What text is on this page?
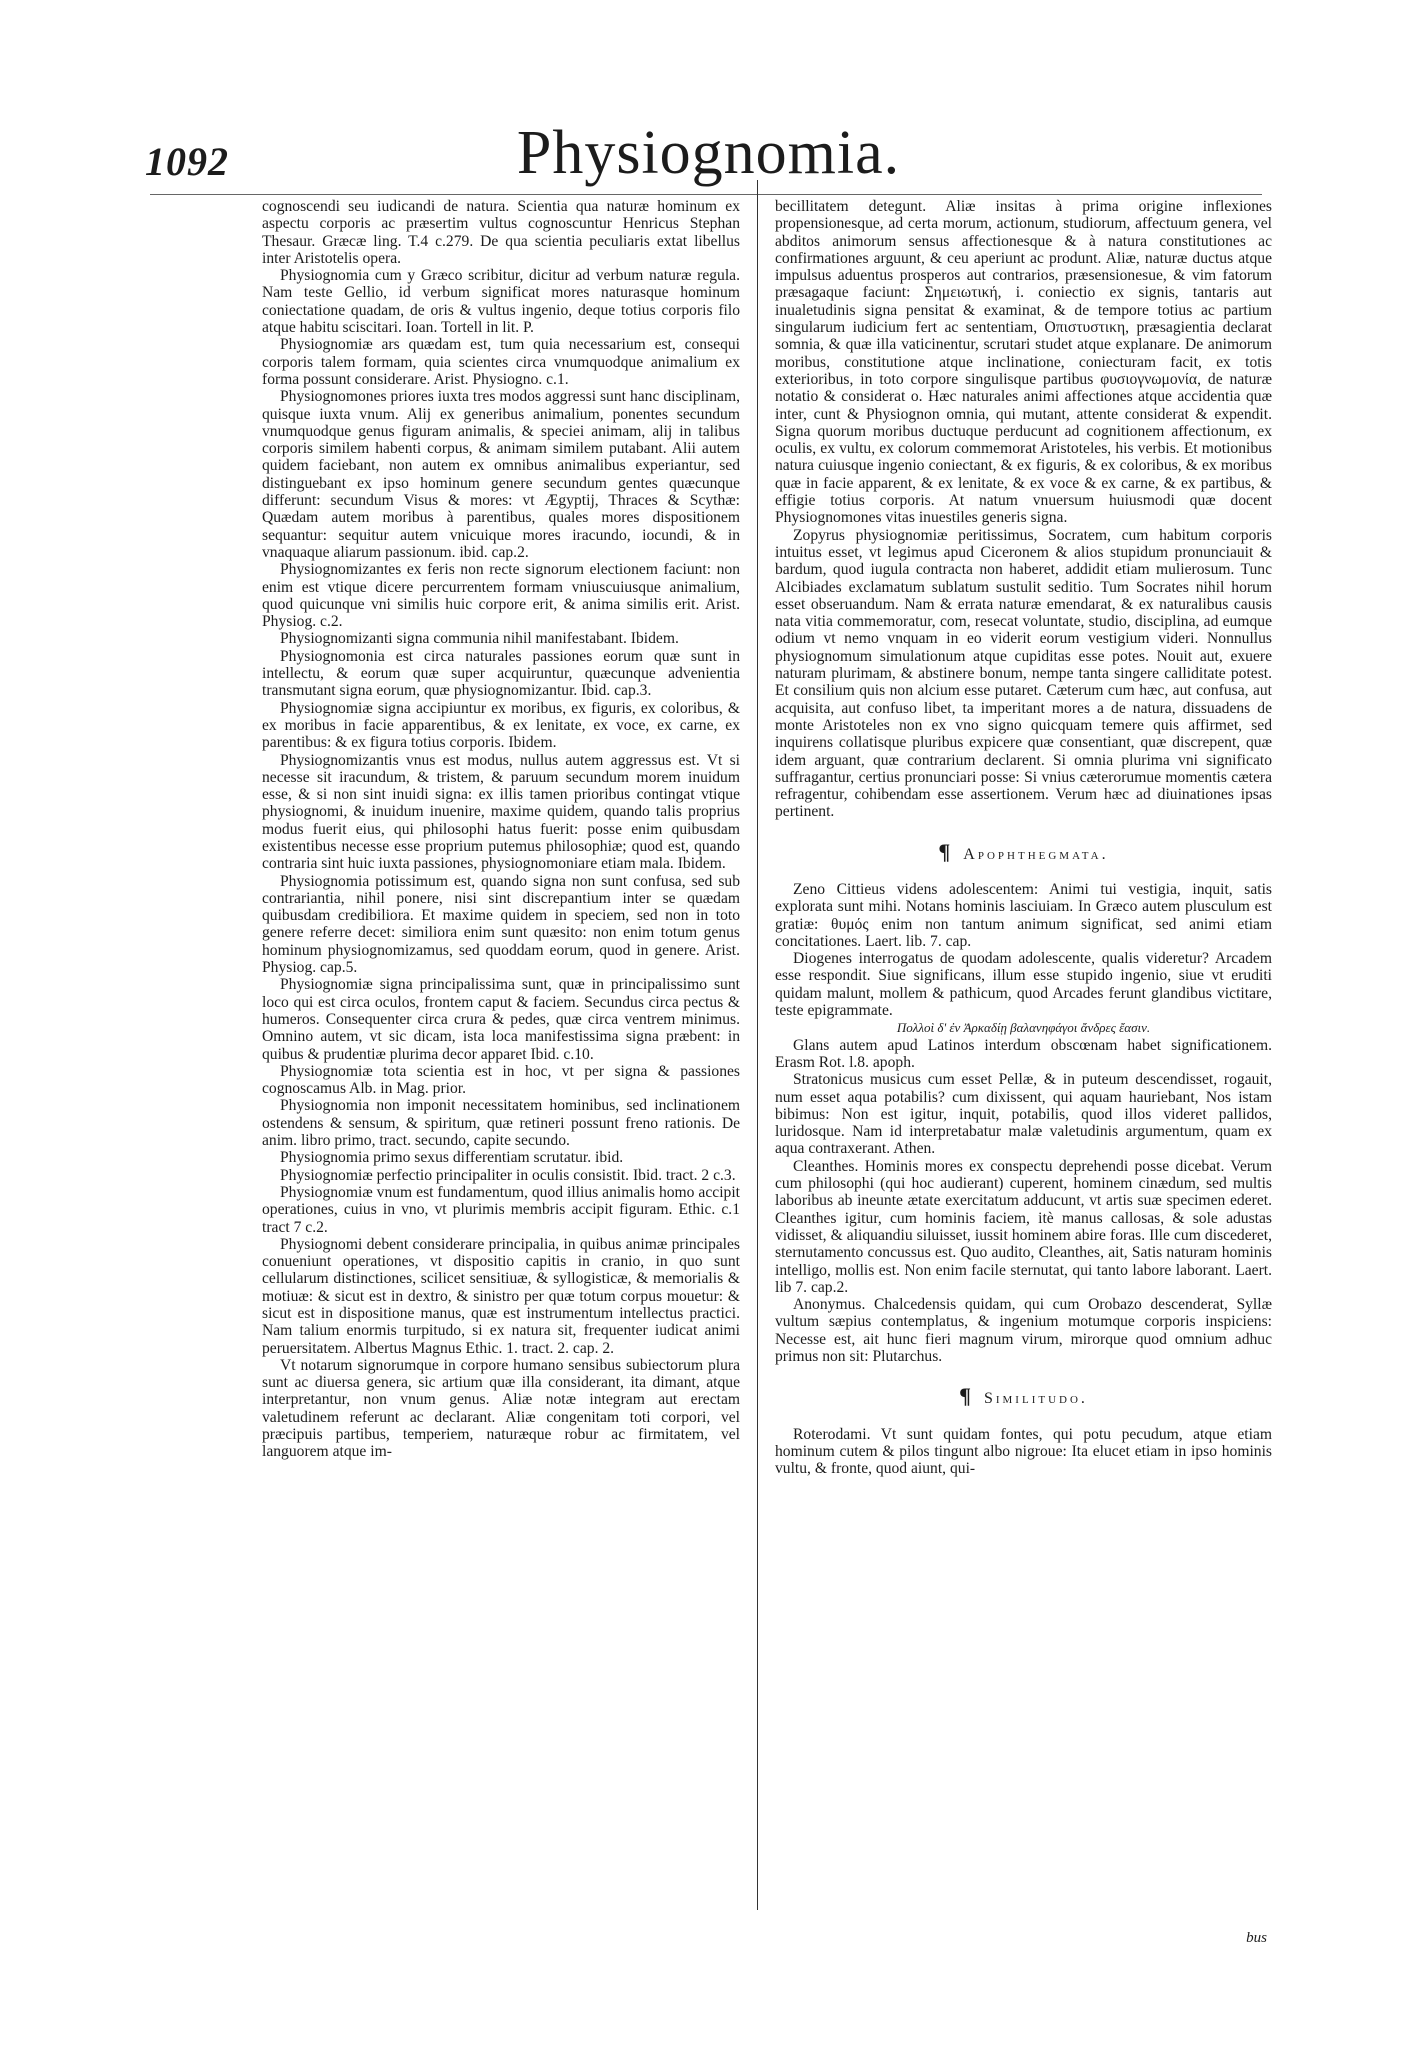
1092	Physiognomia.

cognoscendi seu iudicandi de natura. Scientia qua naturæ hominum ex aspectu corporis ac præsertim vultus cognoscuntur Henricus Stephan Thesaur. Græcæ ling. T.4 c.279. De qua scientia peculiaris extat libellus inter Aristotelis opera.

Physiognomia cum y Græco scribitur, dicitur ad verbum naturæ regula. Nam teste Gellio, id verbum significat mores naturasque hominum coniectatione quadam, de oris & vultus ingenio, deque totius corporis filo atque habitu sciscitari. Ioan. Tortell in lit. P.

Physiognomiæ ars quædam est, tum quia necessarium est, consequi corporis talem formam, quia scientes circa vnumquodque animalium ex forma possunt considerare. Arist. Physiogno. c.1.

Physiognomones priores iuxta tres modos aggressi sunt hanc disciplinam, quisque iuxta vnum. Alij ex generibus animalium, ponentes secundum vnumquodque genus figuram animalis, & speciei animam, alij in talibus corporis similem habenti corpus, & animam similem putabant. Alii autem quidem faciebant, non autem ex omnibus animalibus experiantur, sed distinguebant ex ipso hominum genere secundum gentes quæcunque differunt: secundum Visus & mores: vt Ægyptij, Thraces & Scythæ: Quædam autem moribus à parentibus, quales mores dispositionem sequantur: sequitur autem vnicuique mores iracundo, iocundi, & in vnaquaque aliarum passionum. ibid. cap.2.

Physiognomizantes ex feris non recte signorum electionem faciunt: non enim est vtique dicere percurrentem formam vniuscuiusque animalium, quod quicunque vni similis huic corpore erit, & anima similis erit. Arist. Physiog. c.2.

Physiognomizanti signa communia nihil manifestabant. Ibidem.

Physiognomonia est circa naturales passiones eorum quæ sunt in intellectu, & eorum quæ super acquiruntur, quæcunque advenientia transmutant signa eorum, quæ physiognomizantur. Ibid. cap.3.

Physiognomiæ signa accipiuntur ex moribus, ex figuris, ex coloribus, & ex moribus in facie apparentibus, & ex lenitate, ex voce, ex carne, ex parentibus: & ex figura totius corporis. Ibidem.

Physiognomizantis vnus est modus, nullus autem aggressus est. Vt si necesse sit iracundum, & tristem, & paruum secundum morem inuidum esse, & si non sint inuidi signa: ex illis tamen prioribus contingat vtique physiognomi, & inuidum inuenire, maxime quidem, quando talis proprius modus fuerit eius, qui philosophi hatus fuerit: posse enim quibusdam existentibus necesse esse proprium putemus philosophiæ; quod est, quando contraria sint huic iuxta passiones, physiognomoniare etiam mala. Ibidem.

Physiognomia potissimum est, quando signa non sunt confusa, sed sub contrariantia, nihil ponere, nisi sint discrepantium inter se quædam quibusdam credibiliora. Et maxime quidem in speciem, sed non in toto genere referre decet: similiora enim sunt quæsito: non enim totum genus hominum physiognomizamus, sed quoddam eorum, quod in genere. Arist. Physiog. cap.5.

Physiognomiæ signa principalissima sunt, quæ in principalissimo sunt loco qui est circa oculos, frontem caput & faciem. Secundus circa pectus & humeros. Consequenter circa crura & pedes, quæ circa ventrem minimus. Omnino autem, vt sic dicam, ista loca manifestissima signa præbent: in quibus & prudentiæ plurima decor apparet Ibid. c.10.

Physiognomiæ tota scientia est in hoc, vt per signa & passiones cognoscamus Alb. in Mag. prior.

Physiognomia non imponit necessitatem hominibus, sed inclinationem ostendens & sensum, & spiritum, quæ retineri possunt freno rationis. De anim. libro primo, tract. secundo, capite secundo.

Physiognomia primo sexus differentiam scrutatur. ibid.

Physiognomiæ perfectio principaliter in oculis consistit. Ibid. tract. 2 c.3.

Physiognomiæ vnum est fundamentum, quod illius animalis homo accipit operationes, cuius in vno, vt plurimis membris accipit figuram. Ethic. c.1 tract 7 c.2.

Physiognomi debent considerare principalia, in quibus animæ principales conueniunt operationes, vt dispositio capitis in cranio, in quo sunt cellularum distinctiones, scilicet sensitiuæ, & syllogisticæ, & memorialis & motiuæ: & sicut est in dextro, & sinistro per quæ totum corpus mouetur: & sicut est in dispositione manus, quæ est instrumentum intellectus practici. Nam talium enormis turpitudo, si ex natura sit, frequenter iudicat animi peruersitatem. Albertus Magnus Ethic. 1. tract. 2. cap. 2.

Vt notarum signorumque in corpore humano sensibus subiectorum plura sunt ac diuersa genera, sic artium quæ illa considerant, ita dimant, atque interpretantur, non vnum genus. Aliæ notæ integram aut erectam valetudinem referunt ac declarant. Aliæ congenitam toti corpori, vel præcipuis partibus, temperiem, naturæque robur ac firmitatem, vel languorem atque im-

becillitatem detegunt. Aliæ insitas à prima origine inflexiones propensionesque, ad certa morum, actionum, studiorum, affectuum genera, vel abditos animorum sensus affectionesque & à natura constitutiones ac confirmationes arguunt, & ceu aperiunt ac produnt. Aliæ, naturæ ductus atque impulsus aduentus prosperos aut contrarios, præsensionesue, & vim fatorum præsagaque faciunt: Σημειωτική, i. coniectio ex signis, tantaris aut inualetudinis signa pensitat & examinat, & de tempore totius ac partium singularum iudicium fert ac sententiam, Οπιστυστικη, præsagientia declarat somnia, & quæ illa vaticinentur, scrutari studet atque explanare. De animorum moribus, constitutione atque inclinatione, coniecturam facit, ex totis exterioribus, in toto corpore singulisque partibus φυσιογνωμονία, de naturæ notatio & considerat o. Hæc naturales animi affectiones atque accidentia quæ inter, cunt & Physiognon omnia, qui mutant, attente considerat & expendit. Signa quorum moribus ductuque perducunt ad cognitionem affectionum, ex oculis, ex vultu, ex colorum commemorat Aristoteles, his verbis. Et motionibus natura cuiusque ingenio coniectant, & ex figuris, & ex coloribus, & ex moribus quæ in facie apparent, & ex lenitate, & ex voce & ex carne, & ex partibus, & effigie totius corporis. At natum vnuersum huiusmodi quæ docent Physiognomones vitas inuestiles generis signa.

Zopyrus physiognomiæ peritissimus, Socratem, cum habitum corporis intuitus esset, vt legimus apud Ciceronem & alios stupidum pronunciauit & bardum, quod iugula contracta non haberet, addidit etiam mulierosum. Tunc Alcibiades exclamatum sublatum sustulit seditio. Tum Socrates nihil horum esset obseruandum. Nam & errata naturæ emendarat, & ex naturalibus causis nata vitia commemoratur, com, resecat voluntate, studio, disciplina, ad eumque odium vt nemo vnquam in eo viderit eorum vestigium videri. Nonnullus physiognomum simulationum atque cupiditas esse potes. Nouit aut, exuere naturam plurimam, & abstinere bonum, nempe tanta singere calliditate potest. Et consilium quis non alcium esse putaret. Cæterum cum hæc, aut confusa, aut acquisita, aut confuso libet, ta imperitant mores a de natura, dissuadens de monte Aristoteles non ex vno signo quicquam temere quis affirmet, sed inquirens collatisque pluribus expicere quæ consentiant, quæ discrepent, quæ idem arguant, quæ contrarium declarent. Si omnia plurima vni significato suffragantur, certius pronunciari posse: Si vnius cæterorumue momentis cætera refragentur, cohibendam esse assertionem. Verum hæc ad diuinationes ipsas pertinent.

¶ Apophthegmata.

Zeno Cittieus videns adolescentem: Animi tui vestigia, inquit, satis explorata sunt mihi. Notans hominis lasciuiam. In Græco autem plusculum est gratiæ: θυμός enim non tantum animum significat, sed animi etiam concitationes. Laert. lib. 7. cap.

Diogenes interrogatus de quodam adolescente, qualis videretur? Arcadem esse respondit. Siue significans, illum esse stupido ingenio, siue vt eruditi quidam malunt, mollem & pathicum, quod Arcades ferunt glandibus victitare, teste epigrammate.

Πολλοὶ δ' ἐν Ἀρκαδίῃ βαλανηφάγοι ἄνδρες ἔασιν.

Glans autem apud Latinos interdum obscœnam habet significationem. Erasm Rot. l.8. apoph.

Stratonicus musicus cum esset Pellæ, & in puteum descendisset, rogauit, num esset aqua potabilis? cum dixissent, qui aquam hauriebant, Nos istam bibimus: Non est igitur, inquit, potabilis, quod illos videret pallidos, luridosque. Nam id interpretabatur malæ valetudinis argumentum, quam ex aqua contraxerant. Athen.

Cleanthes. Hominis mores ex conspectu deprehendi posse dicebat. Verum cum philosophi (qui hoc audierant) cuperent, hominem cinædum, sed multis laboribus ab ineunte ætate exercitatum adducunt, vt artis suæ specimen ederet. Cleanthes igitur, cum hominis faciem, itè manus callosas, & sole adustas vidisset, & aliquandiu siluisset, iussit hominem abire foras. Ille cum discederet, sternutamento concussus est. Quo audito, Cleanthes, ait, Satis naturam hominis intelligo, mollis est. Non enim facile sternutat, qui tanto labore laborant. Laert. lib 7. cap.2.

Anonymus. Chalcedensis quidam, qui cum Orobazo descenderat, Syllæ vultum sæpius contemplatus, & ingenium motumque corporis inspiciens: Necesse est, ait hunc fieri magnum virum, mirorque quod omnium adhuc primus non sit: Plutarchus.

¶ Similitudo.

Roterodami. Vt sunt quidam fontes, qui potu pecudum, atque etiam hominum cutem & pilos tingunt albo nigroue: Ita elucet etiam in ipso hominis vultu, & fronte, quod aiunt, qui-

bus
